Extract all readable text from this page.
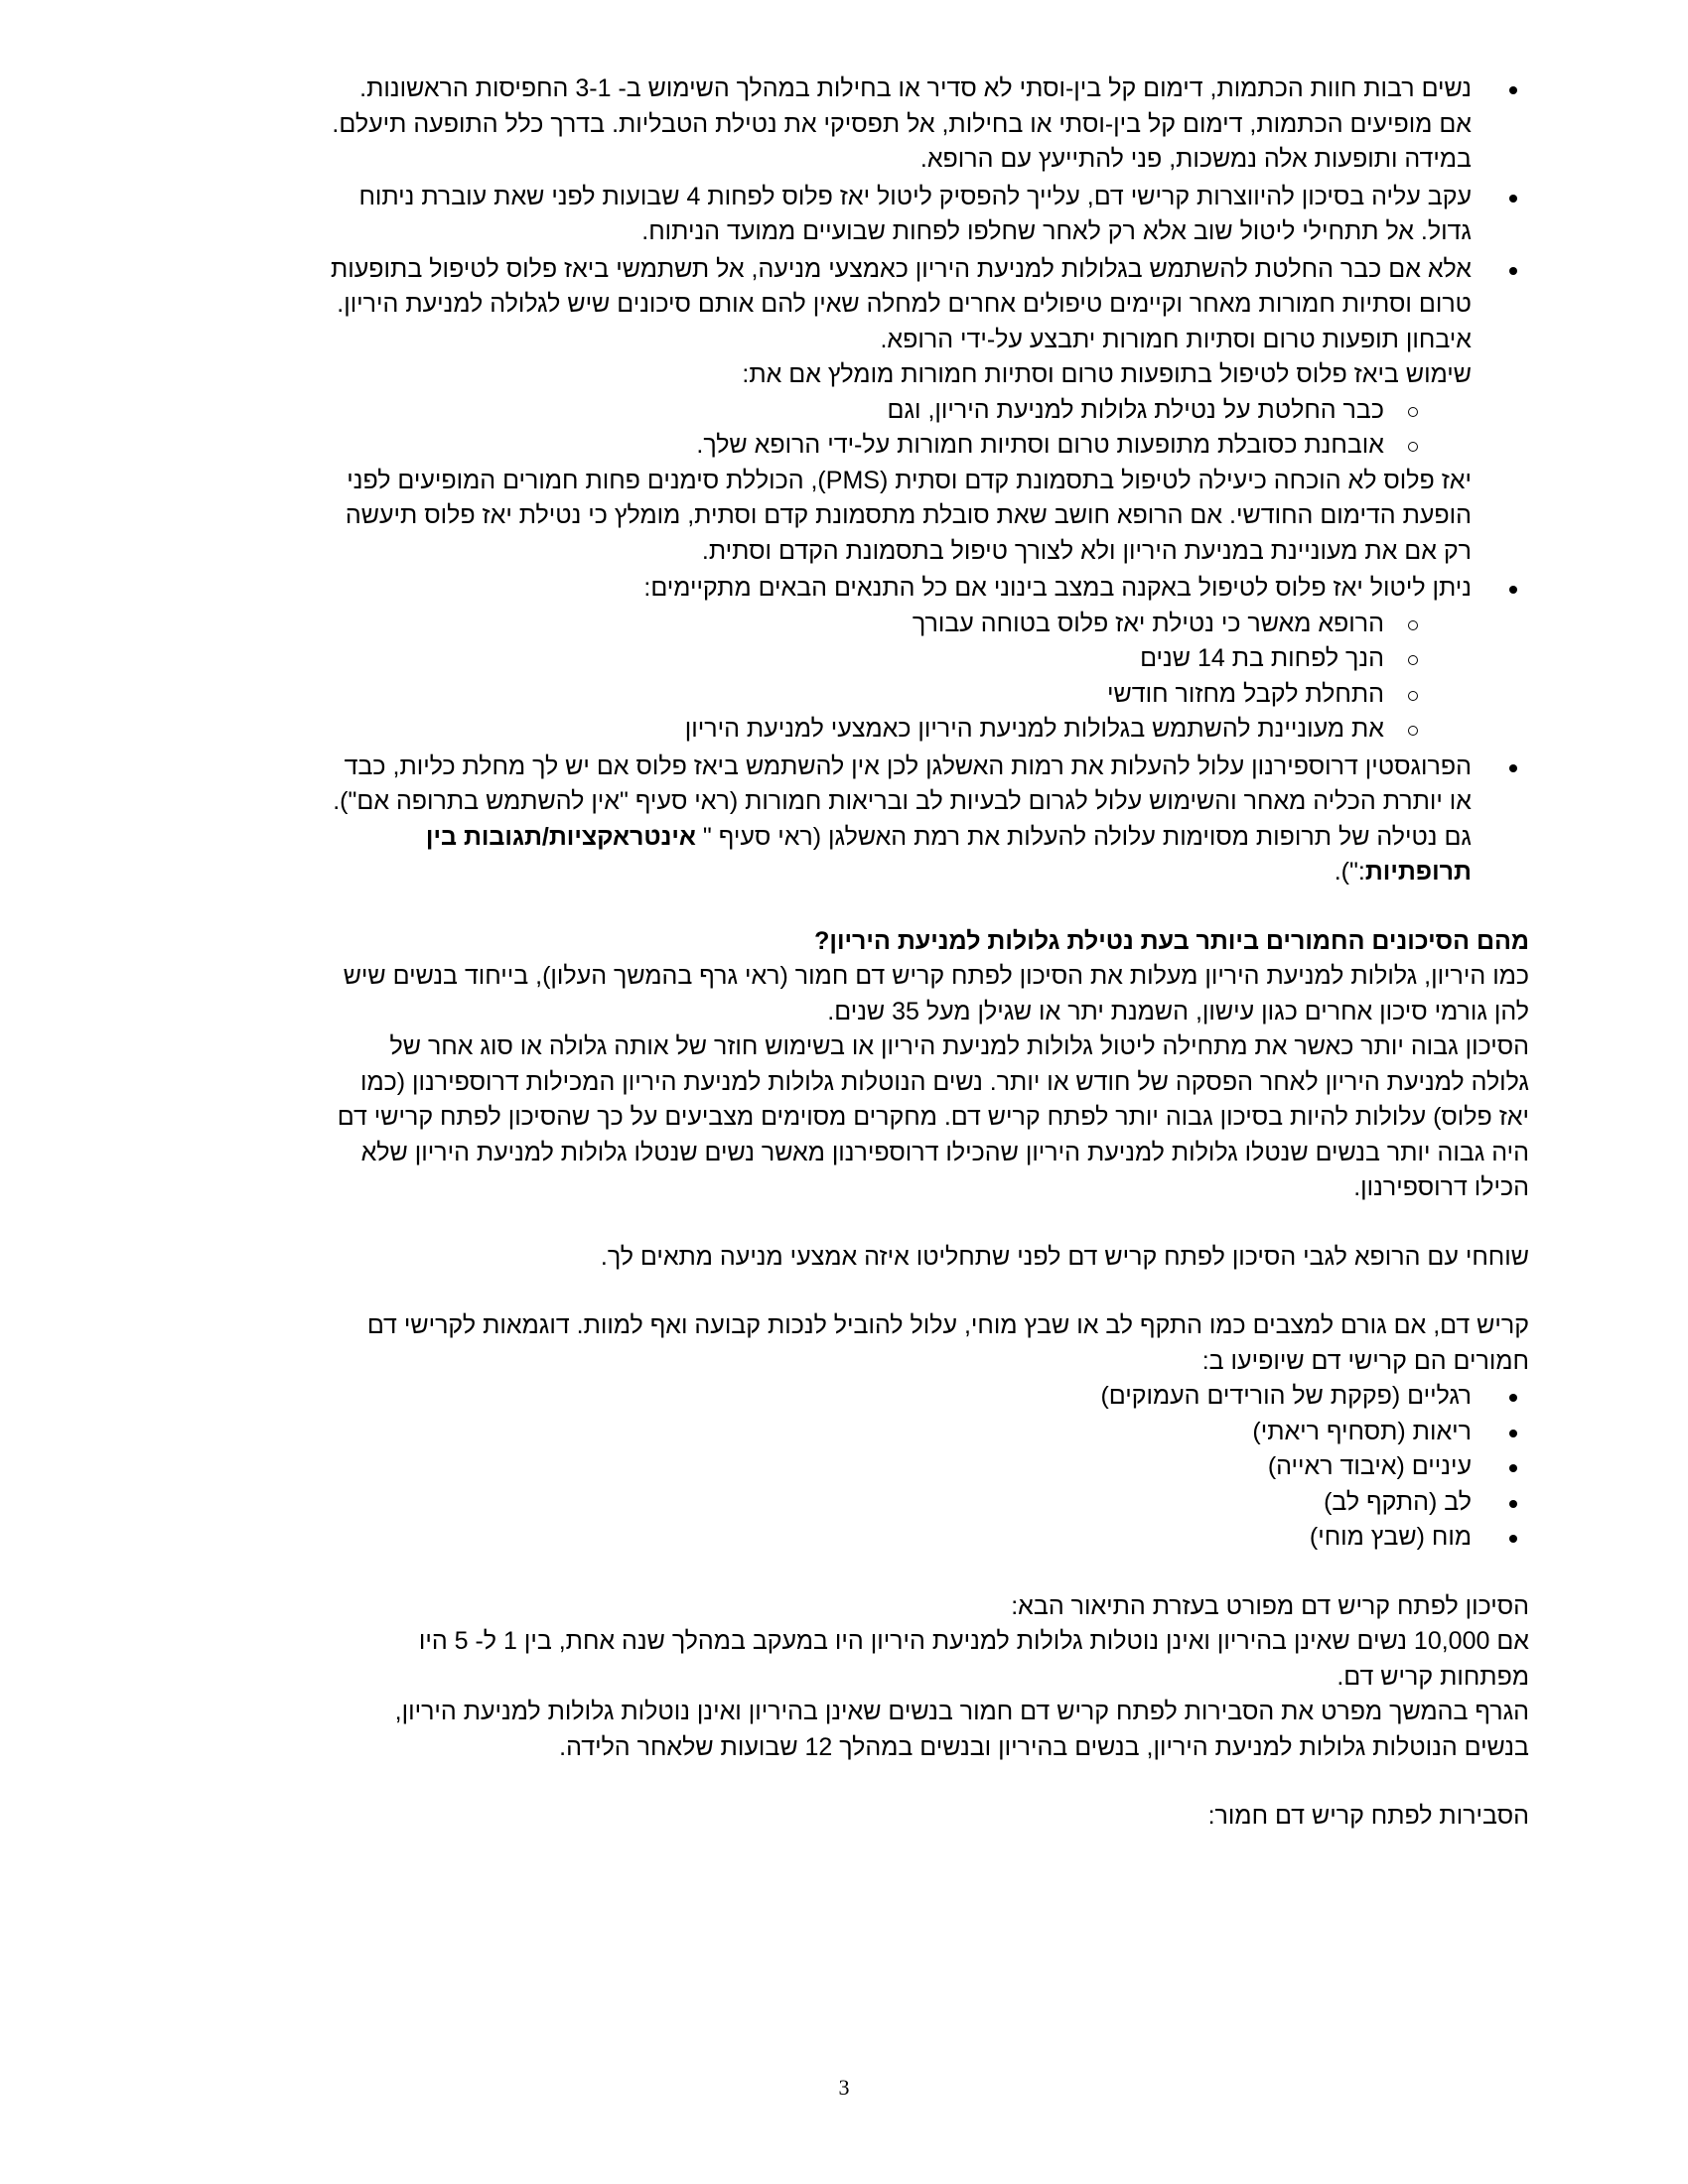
נשים רבות חוות הכתמות, דימום קל בין-וסתי לא סדיר או בחילות במהלך השימוש ב- 3-1 החפיסות הראשונות.
אם מופיעים הכתמות, דימום קל בין-וסתי או בחילות, אל תפסיקי את נטילת הטבליות. בדרך כלל התופעה תיעלם.
במידה ותופעות אלה נמשכות, פני להתייעץ עם הרופא.
עקב עליה בסיכון להיווצרות קרישי דם, עלייך להפסיק ליטול יאז פלוס לפחות 4 שבועות לפני שאת עוברת ניתוח
גדול. אל תתחילי ליטול שוב אלא רק לאחר שחלפו לפחות שבועיים ממועד הניתוח.
אלא אם כבר החלטת להשתמש בגלולות למניעת היריון כאמצעי מניעה, אל תשתמשי ביאז פלוס לטיפול בתופעות
טרום וסתיות חמורות מאחר וקיימים טיפולים אחרים למחלה שאין להם אותם סיכונים שיש לגלולה למניעת היריון.
איבחון תופעות טרום וסתיות חמורות יתבצע על-ידי הרופא.
שימוש ביאז פלוס לטיפול בתופעות טרום וסתיות חמורות מומלץ אם את:
כבר החלטת על נטילת גלולות למניעת היריון, וגם
אובחנת כסובלת מתופעות טרום וסתיות חמורות על-ידי הרופא שלך.
יאז פלוס לא הוכחה כיעילה לטיפול בתסמונת קדם וסתית (PMS), הכוללת סימנים פחות חמורים המופיעים לפני
הופעת הדימום החודשי. אם הרופא חושב שאת סובלת מתסמונת קדם וסתית, מומלץ כי נטילת יאז פלוס תיעשה
רק אם את מעוניינת במניעת היריון ולא לצורך טיפול בתסמונת הקדם וסתית.
ניתן ליטול יאז פלוס לטיפול באקנה במצב בינוני אם כל התנאים הבאים מתקיימים:
הרופא מאשר כי נטילת יאז פלוס בטוחה עבורך
הנך לפחות בת 14 שנים
התחלת לקבל מחזור חודשי
את מעוניינת להשתמש בגלולות למניעת היריון כאמצעי למניעת היריון
הפרוגסטין דרוספירנון עלול להעלות את רמות האשלגן לכן אין להשתמש ביאז פלוס אם יש לך מחלת כליות, כבד
או יותרת הכליה מאחר והשימוש עלול לגרום לבעיות לב ובריאות חמורות (ראי סעיף "אין להשתמש בתרופה אם").
גם נטילה של תרופות מסוימות עלולה להעלות את רמת האשלגן (ראי סעיף " אינטראקציות/תגובות בין
תרופתיות:").

מהם הסיכונים החמורים ביותר בעת נטילת גלולות למניעת היריון?

כמו היריון, גלולות למניעת היריון מעלות את הסיכון לפתח קריש דם חמור (ראי גרף בהמשך העלון), בייחוד בנשים שיש
להן גורמי סיכון אחרים כגון עישון, השמנת יתר או שגילן מעל 35 שנים.
הסיכון גבוה יותר כאשר את מתחילה ליטול גלולות למניעת היריון או בשימוש חוזר של אותה גלולה או סוג אחר של
גלולה למניעת היריון לאחר הפסקה של חודש או יותר. נשים הנוטלות גלולות למניעת היריון המכילות דרוספירנון (כמו
יאז פלוס) עלולות להיות בסיכון גבוה יותר לפתח קריש דם. מחקרים מסוימים מצביעים על כך שהסיכון לפתח קרישי דם
היה גבוה יותר בנשים שנטלו גלולות למניעת היריון שהכילו דרוספירנון מאשר נשים שנטלו גלולות למניעת היריון שלא
הכילו דרוספירנון.

שוחחי עם הרופא לגבי הסיכון לפתח קריש דם לפני שתחליטו איזה אמצעי מניעה מתאים לך.

קריש דם, אם גורם למצבים כמו התקף לב או שבץ מוחי, עלול להוביל לנכות קבועה ואף למוות. דוגמאות לקרישי דם
חמורים הם קרישי דם שיופיעו ב:
רגליים (פקקת של הורידים העמוקים)
ריאות (תסחיף ריאתי)
עיניים (איבוד ראייה)
לב (התקף לב)
מוח (שבץ מוחי)
הסיכון לפתח קריש דם מפורט בעזרת התיאור הבא:
אם 10,000 נשים שאינן בהיריון ואינן נוטלות גלולות למניעת היריון היו במעקב במהלך שנה אחת, בין 1 ל- 5 היו
מפתחות קריש דם.
הגרף בהמשך מפרט את הסבירות לפתח קריש דם חמור בנשים שאינן בהיריון ואינן נוטלות גלולות למניעת היריון,
בנשים הנוטלות גלולות למניעת היריון, בנשים בהיריון ובנשים במהלך 12 שבועות שלאחר הלידה.

הסבירות לפתח קריש דם חמור:

3
